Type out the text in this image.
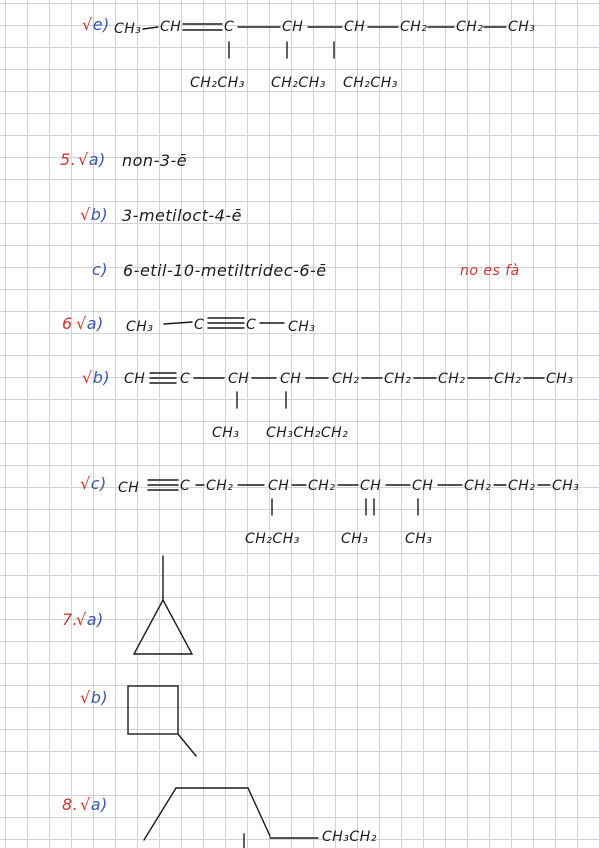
√e) CH₃ CH	C	CH	CH CH₂ CH₂ CH₃
CH₂CH₃ CH₂CH₃ CH₂CH₃
5. √a) non-3-ē
√b) 3-metiloct-4-ē
c) 6-etil-10-metiltridec-6-ē	no es fà
6 √a) CH₃	C	C CH₃
√b) CH C	CH CH CH₂ CH₂ CH₂ CH₂ CH₃
CH₃ CH₃CH₂CH₂
√c) CH	C CH₂ CH CH₂ CH CH CH₂ CH₂ CH₃
CH₂CH₃	CH₃	CH₃
7.
√a)
√b)
8. √a)
CH₃CH₂
